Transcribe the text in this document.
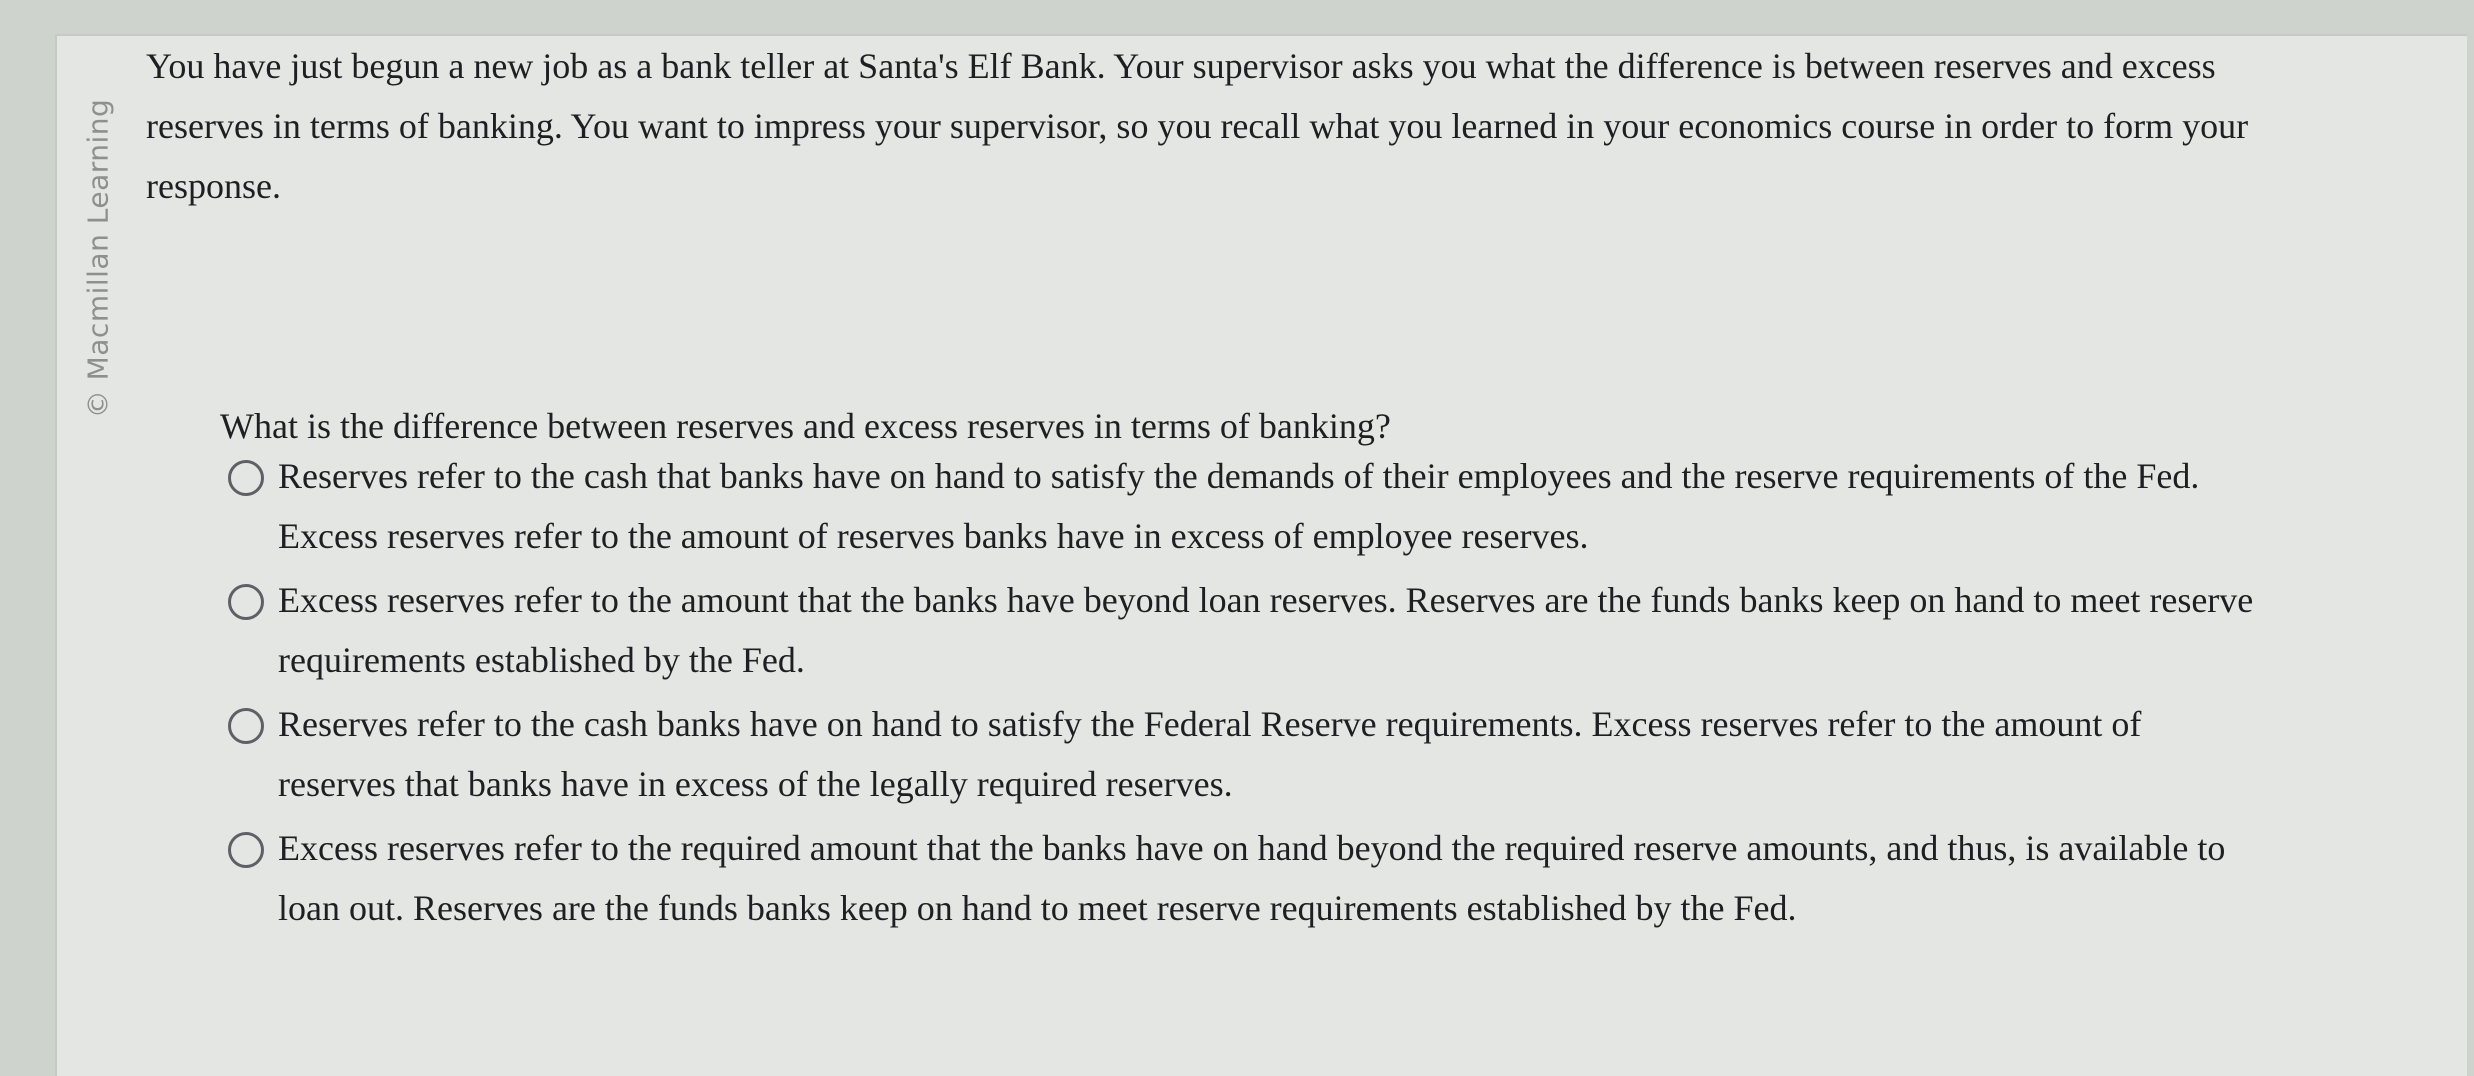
© Macmillan Learning

You have just begun a new job as a bank teller at Santa's Elf Bank. Your supervisor asks you what the difference is between reserves and excess reserves in terms of banking. You want to impress your supervisor, so you recall what you learned in your economics course in order to form your response.

What is the difference between reserves and excess reserves in terms of banking?

Reserves refer to the cash that banks have on hand to satisfy the demands of their employees and the reserve requirements of the Fed. Excess reserves refer to the amount of reserves banks have in excess of employee reserves.
Excess reserves refer to the amount that the banks have beyond loan reserves. Reserves are the funds banks keep on hand to meet reserve requirements established by the Fed.
Reserves refer to the cash banks have on hand to satisfy the Federal Reserve requirements. Excess reserves refer to the amount of reserves that banks have in excess of the legally required reserves.
Excess reserves refer to the required amount that the banks have on hand beyond the required reserve amounts, and thus, is available to loan out. Reserves are the funds banks keep on hand to meet reserve requirements established by the Fed.
